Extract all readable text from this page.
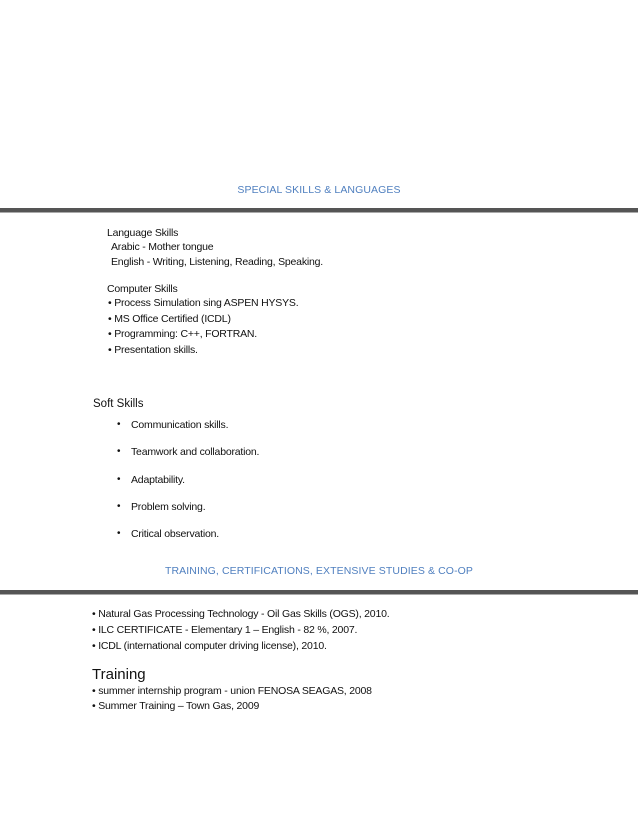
SPECIAL SKILLS & LANGUAGES
Language Skills
Arabic - Mother tongue
English - Writing, Listening, Reading, Speaking.
Computer Skills
• Process Simulation sing ASPEN HYSYS.
• MS Office Certified (ICDL)
• Programming: C++, FORTRAN.
• Presentation skills.
Soft Skills
• Communication skills.
• Teamwork and collaboration.
• Adaptability.
• Problem solving.
• Critical observation.
TRAINING, CERTIFICATIONS, EXTENSIVE STUDIES & CO-OP
• Natural Gas Processing Technology - Oil Gas Skills (OGS), 2010.
• ILC CERTIFICATE - Elementary 1 – English - 82 %, 2007.
• ICDL (international computer driving license), 2010.
Training
• summer internship program - union FENOSA SEAGAS, 2008
• Summer Training – Town Gas, 2009
